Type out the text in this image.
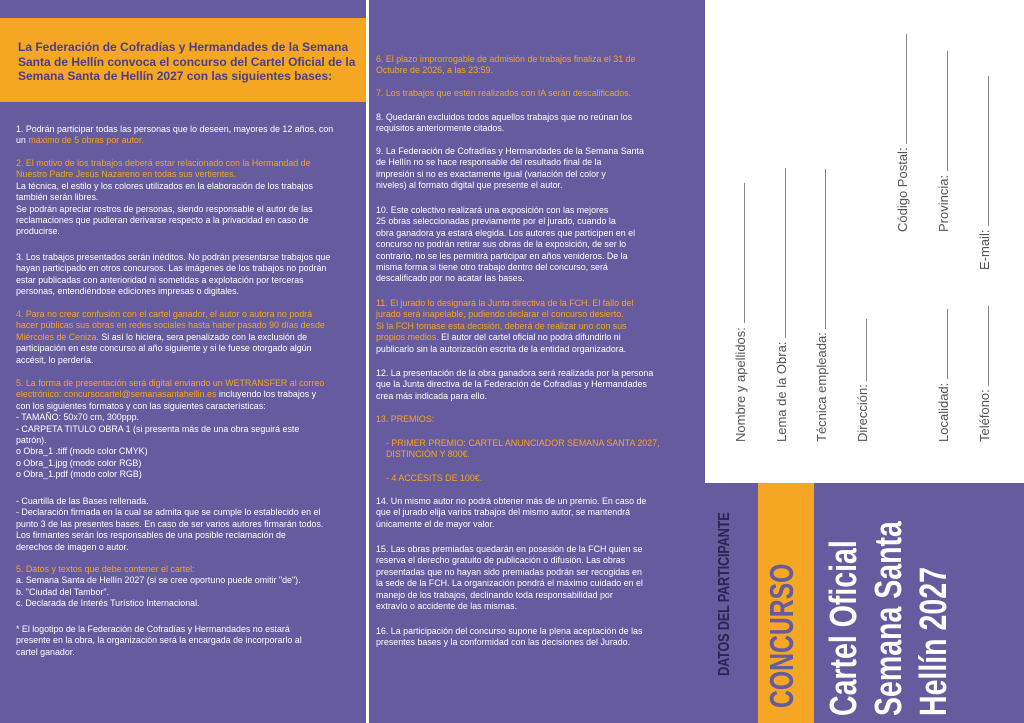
La Federación de Cofradías y Hermandades de la Semana Santa de Hellín convoca el concurso del Cartel Oficial de la Semana Santa de Hellín 2027 con las siguientes bases:
1. Podrán participar todas las personas que lo deseen, mayores de 12 años, con
un máximo de 5 obras por autor.
2. El motivo de los trabajos deberá estar relacionado con la Hermandad de
Nuestro Padre Jesús Nazareno en todas sus vertientes.
La técnica, el estilo y los colores utilizados en la elaboración de los trabajos
también serán libres.
Se podrán apreciar rostros de personas, siendo responsable el autor de las
reclamaciones que pudieran derivarse respecto a la privacidad en caso de
producirse.
3. Los trabajos presentados serán inéditos. No podrán presentarse trabajos que
hayan participado en otros concursos. Las imágenes de los trabajos no podrán
estar publicadas con anterioridad ni sometidas a explotación por terceras
personas, entendiéndose ediciones impresas o digitales.
4. Para no crear confusión con el cartel ganador, el autor o autora no podrá
hacer públicas sus obras en redes sociales hasta haber pasado 90 días desde
Miércoles de Ceniza. Si así lo hiciera, sera penalizado con la exclusión de
participación en este concurso al año siguiente y si le fuese otorgado algún
accésit, lo perdería.
5. La forma de presentación será digital enviando un WETRANSFER al correo
electrónico: concursocartel@semanasantahellin.es incluyendo los trabajos y
con los siguientes formatos y con las siguientes características:
- TAMAÑO: 50x70 cm, 300ppp.
- CARPETA TITULO OBRA 1 (si presenta más de una obra seguirá este
patrón).
o Obra_1 .tiff (modo color CMYK)
o Obra_1.jpg (modo color RGB)
o Obra_1.pdf (modo color RGB)
- Cuartilla de las Bases rellenada.
- Declaración firmada en la cual se admita que se cumple lo establecido en el
punto 3 de las presentes bases. En caso de ser varios autores firmarán todos.
Los firmantes serán los responsables de una posible reclamación de
derechos de imagen o autor.
5. Datos y textos que debe contener el cartel:
a. Semana Santa de Hellín 2027 (si se cree oportuno puede omitir "de").
b. "Ciudad del Tambor".
c. Declarada de Interés Turístico Internacional.
* El logotipo de la Federación de Cofradías y Hermandades no estará
presente en la obra, la organización será la encargada de incorporarlo al
cartel ganador.
6. El plazo improrrogable de admisión de trabajos finaliza el 31 de
Octubre de 2026, a las 23:59.
7. Los trabajos que estén realizados con IA serán descalificados.
8. Quedarán excluidos todos aquellos trabajos que no reúnan los
requisitos anteriormente citados.
9. La Federación de Cofradías y Hermandades de la Semana Santa
de Hellín no se hace responsable del resultado final de la
impresión si no es exactamente igual (variación del color y
niveles) al formato digital que presente el autor.
10. Este colectivo realizará una exposición con las mejores
25 obras seleccionadas previamente por el jurado, cuando la
obra ganadora ya estará elegida. Los autores que participen en el
concurso no podrán retirar sus obras de la exposición, de ser lo
contrario, no se les permitirá participar en años venideros. De la
misma forma si tiene otro trabajo dentro del concurso, será
descalificado por no acatar las bases.
11. El jurado lo designará la Junta directiva de la FCH. El fallo del
jurado será inapelable, pudiendo declarar el concurso desierto.
Si la FCH tomase esta decisión, deberá de realizar uno con sus
propios medios. El autor del cartel oficial no podrá difundirlo ni
publicarlo sin la autorización escrita de la entidad organizadora.
12. La presentación de la obra ganadora será realizada por la persona
que la Junta directiva de la Federación de Cofradías y Hermandades
crea más indicada para ello.
13. PREMIOS:
- PRIMER PREMIO: CARTEL ANUNCIADOR SEMANA SANTA 2027,
DISTINCIÓN Y 800€.
- 4 ACCÉSITS DE 100€.
14. Un mismo autor no podrá obtener más de un premio. En caso de
que el jurado elija varios trabajos del mismo autor, se mantendrá
únicamente el de mayor valor.
15. Las obras premiadas quedarán en posesión de la FCH quien se
reserva el derecho gratuito de publicación o difusión. Las obras
presentadas que no hayan sido premiadas podrán ser recogidas en
la sede de la FCH. La organización pondrá el máximo cuidado en el
manejo de los trabajos, declinando toda responsabilidad por
extravío o accidente de las mismas.
16. La participación del concurso supone la plena aceptación de las
presentes bases y la conformidad con las decisiones del Jurado.
Nombre y apellidos: Lema de la Obra: Técnica empleada: Dirección:
Código Postal:
Localidad:
Provincia:
Teléfono:
E-mail:
DATOS DEL PARTICIPANTE CONCURSO Cartel Oficial Semana Santa Hellín 2027
